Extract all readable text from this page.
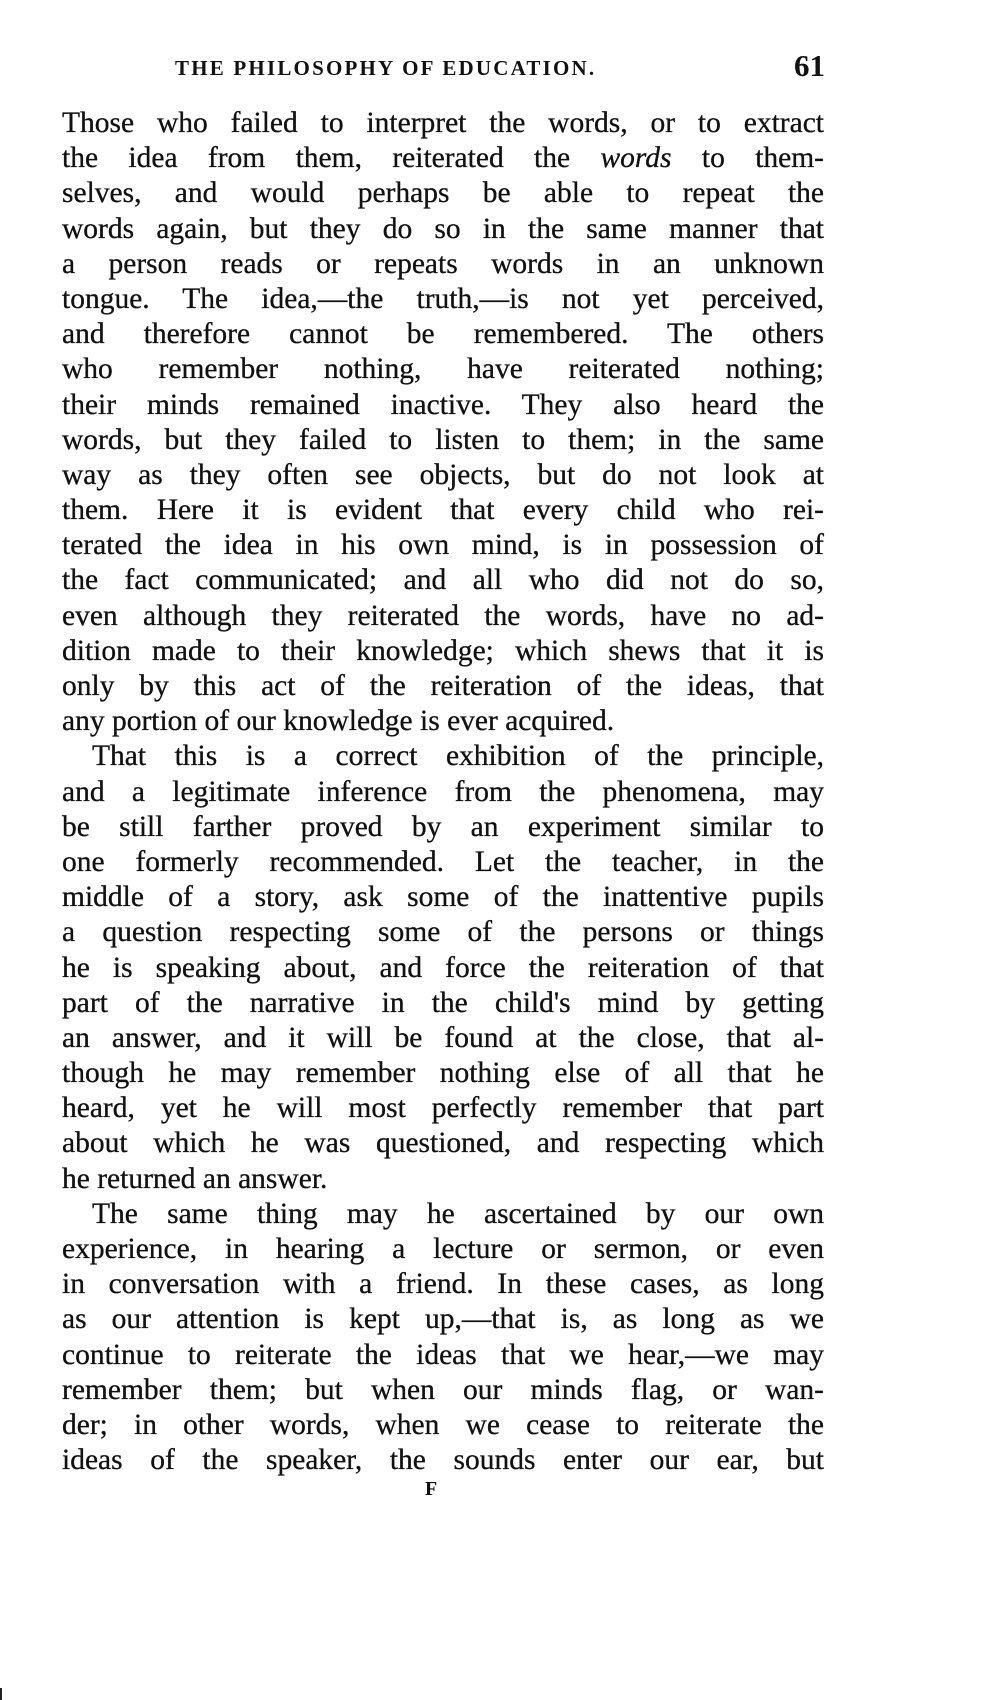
THE PHILOSOPHY OF EDUCATION.	61
Those who failed to interpret the words, or to extract
the idea from them, reiterated the words to them-
selves, and would perhaps be able to repeat the
words again, but they do so in the same manner that
a person reads or repeats words in an unknown
tongue. The idea,—the truth,—is not yet perceived,
and therefore cannot be remembered. The others
who remember nothing, have reiterated nothing;
their minds remained inactive. They also heard the
words, but they failed to listen to them; in the same
way as they often see objects, but do not look at
them. Here it is evident that every child who rei-
terated the idea in his own mind, is in possession of
the fact communicated; and all who did not do so,
even although they reiterated the words, have no ad-
dition made to their knowledge; which shews that it is
only by this act of the reiteration of the ideas, that
any portion of our knowledge is ever acquired.
That this is a correct exhibition of the principle,
and a legitimate inference from the phenomena, may
be still farther proved by an experiment similar to
one formerly recommended. Let the teacher, in the
middle of a story, ask some of the inattentive pupils
a question respecting some of the persons or things
he is speaking about, and force the reiteration of that
part of the narrative in the child's mind by getting
an answer, and it will be found at the close, that al-
though he may remember nothing else of all that he
heard, yet he will most perfectly remember that part
about which he was questioned, and respecting which
he returned an answer.
The same thing may he ascertained by our own
experience, in hearing a lecture or sermon, or even
in conversation with a friend. In these cases, as long
as our attention is kept up,—that is, as long as we
continue to reiterate the ideas that we hear,—we may
remember them; but when our minds flag, or wan-
der; in other words, when we cease to reiterate the
ideas of the speaker, the sounds enter our ear, but
F
